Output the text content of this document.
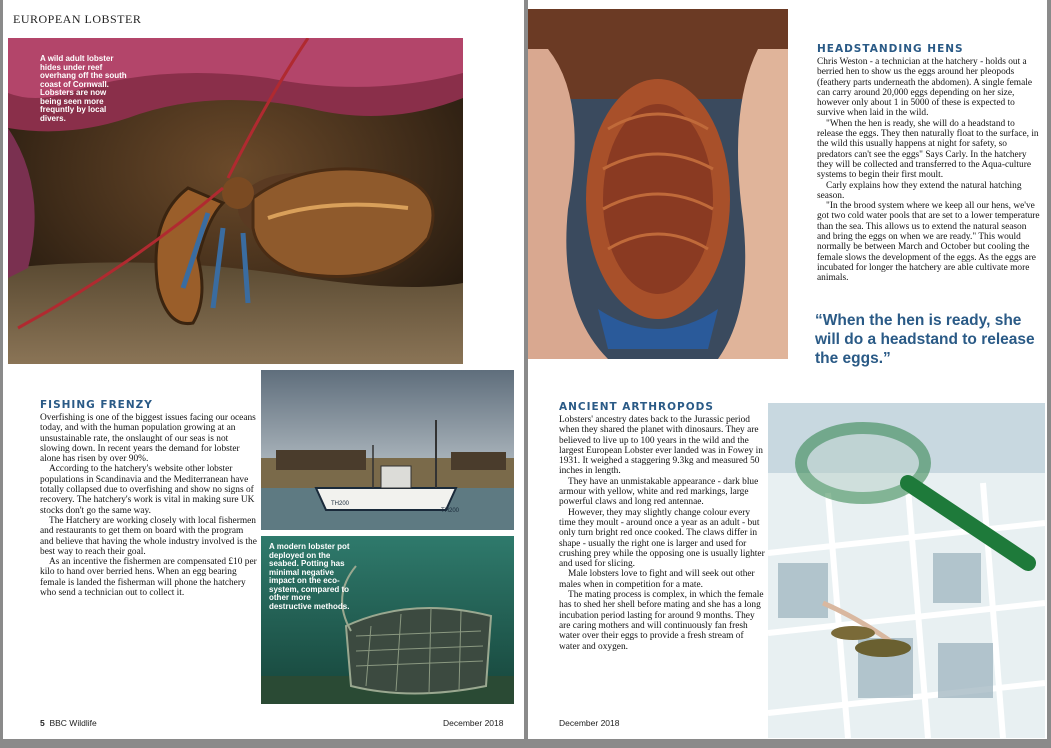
EUROPEAN LOBSTER
A wild adult lobster hides under reef overhang off the south coast of Cornwall. Lobsters are now being seen more frequntly by local divers.
FISHING FRENZY

Overfishing is one of the biggest issues facing our oceans today, and with the human population growing at an unsustainable rate, the onslaught of our seas is not slowing down. In recent years the demand for lobster alone has risen by over 90%.

According to the hatchery's website other lobster populations in Scandinavia and the Mediterranean have totally collapsed due to overfishing and show no signs of recovery. The hatchery's work is vital in making sure UK stocks don't go the same way.

The Hatchery are working closely with local fishermen and restaurants to get them on board with the program and believe that having the whole industry involved is the best way to reach their goal.

As an incentive the fishermen are compensated £10 per kilo to hand over berried hens. When an egg bearing female is landed the fisherman will phone the hatchery who send a technician out to collect it.

TH200
TH200
A modern lobster pot deployed on the seabed. Potting has minimal negative impact on the eco-system, compared to other more destructive methods.
5 BBC Wildlife	December 2018
HEADSTANDING HENS

Chris Weston - a technician at the hatchery - holds out a berried hen to show us the eggs around her pleopods (feathery parts underneath the abdomen). A single female can carry around 20,000 eggs depending on her size, however only about 1 in 5000 of these is expected to survive when laid in the wild.

"When the hen is ready, she will do a headstand to release the eggs. They then naturally float to the surface, in the wild this usually happens at night for safety, so predators can't see the eggs" Says Carly. In the hatchery they will be collected and transferred to the Aqua-culture systems to begin their first moult.

Carly explains how they extend the natural hatching season.

"In the brood system where we keep all our hens, we've got two cold water pools that are set to a lower temperature than the sea. This allows us to extend the natural season and bring the eggs on when we are ready." This would normally be between March and October but cooling the female slows the development of the eggs. As the eggs are incubated for longer the hatchery are able cultivate more animals.

“When the hen is ready, she will do a headstand to release the eggs.”
ANCIENT ARTHROPODS

Lobsters' ancestry dates back to the Jurassic period when they shared the planet with dinosaurs. They are believed to live up to 100 years in the wild and the largest European Lobster ever landed was in Fowey in 1931. It weighed a staggering 9.3kg and measured 50 inches in length.

They have an unmistakable appearance - dark blue armour with yellow, white and red markings, large powerful claws and long red antennae.

However, they may slightly change colour every time they moult - around once a year as an adult - but only turn bright red once cooked. The claws differ in shape - usually the right one is larger and used for crushing prey while the opposing one is usually lighter and used for slicing.

Male lobsters love to fight and will seek out other males when in competition for a mate.

The mating process is complex, in which the female has to shed her shell before mating and she has a long incubation period lasting for around 9 months. They are caring mothers and will continuously fan fresh water over their eggs to provide a fresh stream of water and oxygen.

December 2018
